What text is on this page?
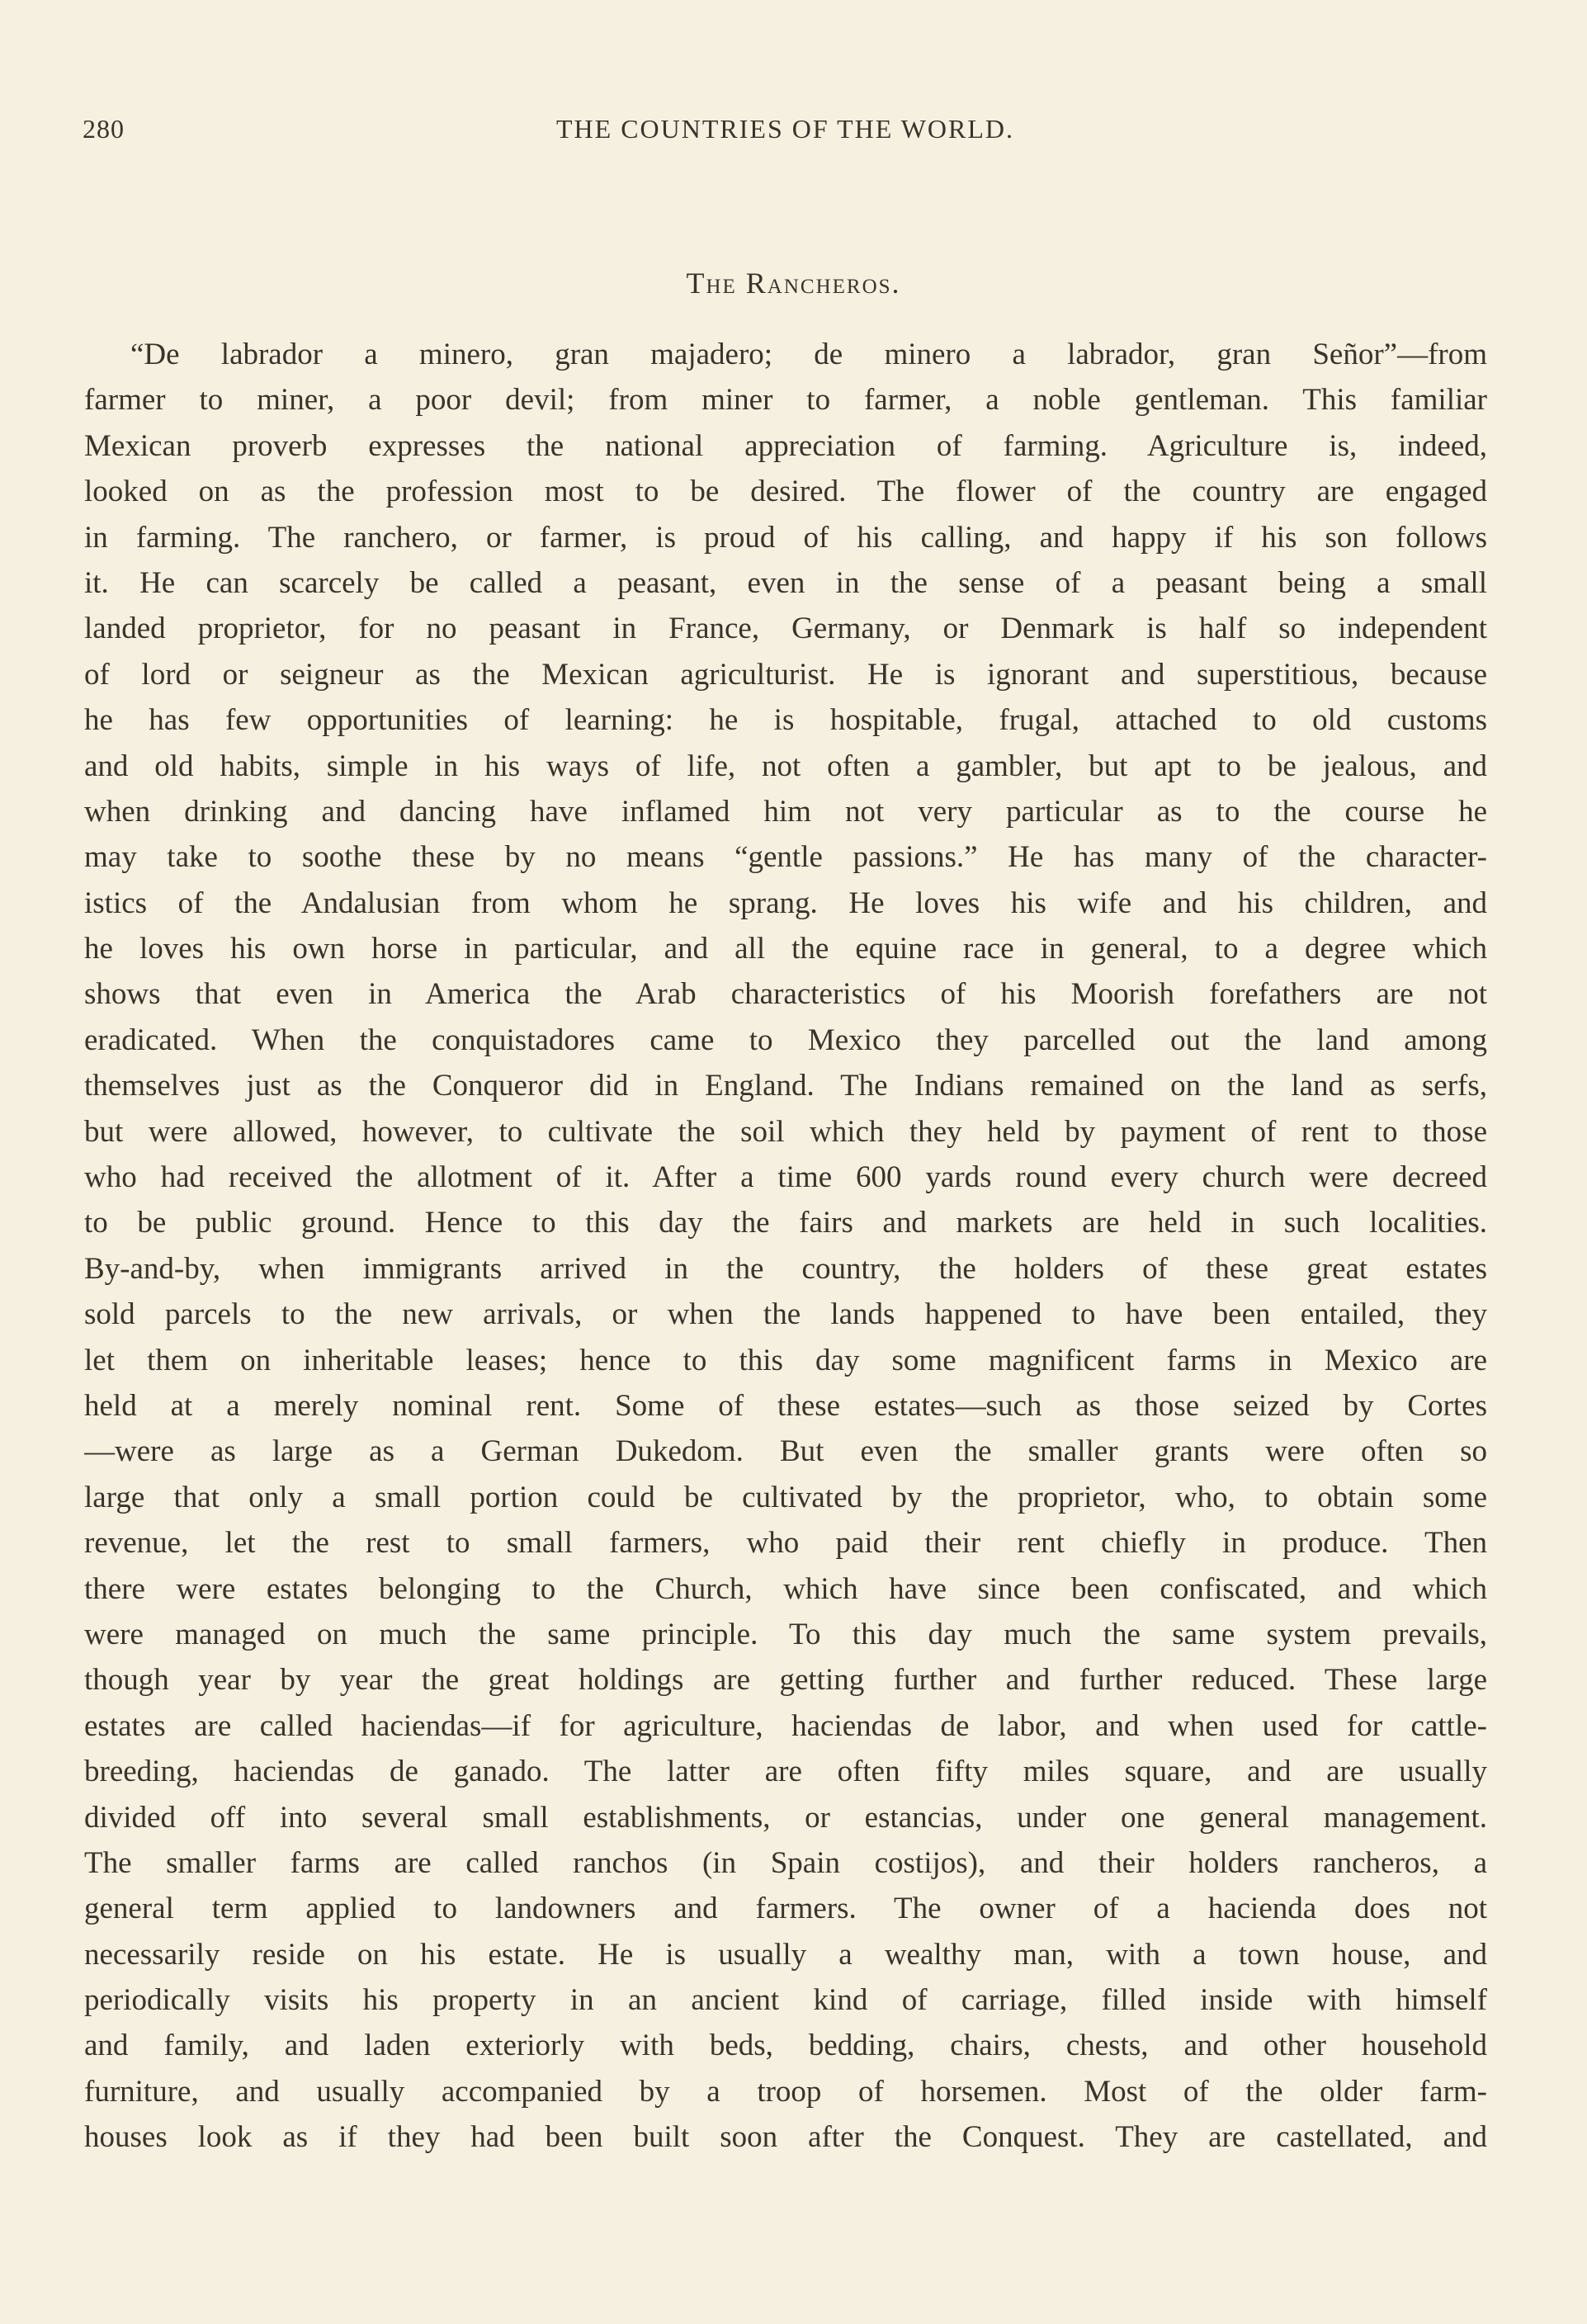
280	THE COUNTRIES OF THE WORLD.
The Rancheros.
“De labrador a minero, gran majadero; de minero a labrador, gran Señor”—from
farmer to miner, a poor devil; from miner to farmer, a noble gentleman. This familiar
Mexican proverb expresses the national appreciation of farming. Agriculture is, indeed,
looked on as the profession most to be desired. The flower of the country are engaged
in farming. The ranchero, or farmer, is proud of his calling, and happy if his son follows
it. He can scarcely be called a peasant, even in the sense of a peasant being a small
landed proprietor, for no peasant in France, Germany, or Denmark is half so independent
of lord or seigneur as the Mexican agriculturist. He is ignorant and superstitious, because
he has few opportunities of learning: he is hospitable, frugal, attached to old customs
and old habits, simple in his ways of life, not often a gambler, but apt to be jealous, and
when drinking and dancing have inflamed him not very particular as to the course he
may take to soothe these by no means “gentle passions.” He has many of the character-
istics of the Andalusian from whom he sprang. He loves his wife and his children, and
he loves his own horse in particular, and all the equine race in general, to a degree which
shows that even in America the Arab characteristics of his Moorish forefathers are not
eradicated. When the conquistadores came to Mexico they parcelled out the land among
themselves just as the Conqueror did in England. The Indians remained on the land as serfs,
but were allowed, however, to cultivate the soil which they held by payment of rent to those
who had received the allotment of it. After a time 600 yards round every church were decreed
to be public ground. Hence to this day the fairs and markets are held in such localities.
By-and-by, when immigrants arrived in the country, the holders of these great estates
sold parcels to the new arrivals, or when the lands happened to have been entailed, they
let them on inheritable leases; hence to this day some magnificent farms in Mexico are
held at a merely nominal rent. Some of these estates—such as those seized by Cortes
—were as large as a German Dukedom. But even the smaller grants were often so
large that only a small portion could be cultivated by the proprietor, who, to obtain some
revenue, let the rest to small farmers, who paid their rent chiefly in produce. Then
there were estates belonging to the Church, which have since been confiscated, and which
were managed on much the same principle. To this day much the same system prevails,
though year by year the great holdings are getting further and further reduced. These large
estates are called haciendas—if for agriculture, haciendas de labor, and when used for cattle-
breeding, haciendas de ganado. The latter are often fifty miles square, and are usually
divided off into several small establishments, or estancias, under one general management.
The smaller farms are called ranchos (in Spain costijos), and their holders rancheros, a
general term applied to landowners and farmers. The owner of a hacienda does not
necessarily reside on his estate. He is usually a wealthy man, with a town house, and
periodically visits his property in an ancient kind of carriage, filled inside with himself
and family, and laden exteriorly with beds, bedding, chairs, chests, and other household
furniture, and usually accompanied by a troop of horsemen. Most of the older farm-
houses look as if they had been built soon after the Conquest. They are castellated, and
